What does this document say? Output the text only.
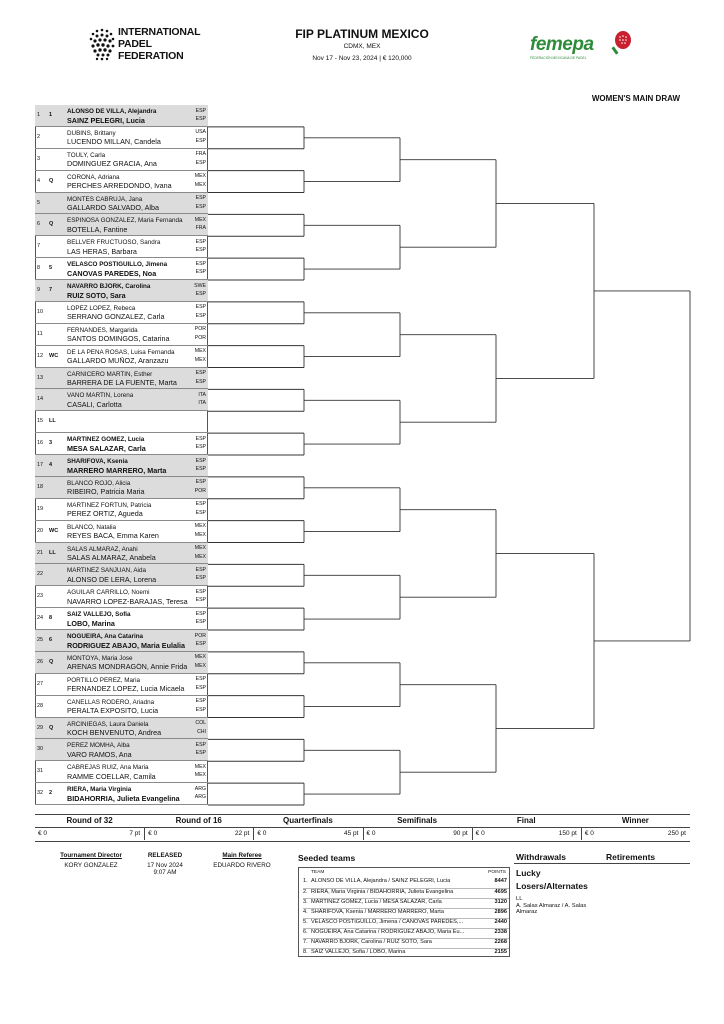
INTERNATIONAL
PADEL
FEDERATION
FIP PLATINUM MEXICO
CDMX, MEX
Nov 17 - Nov 23, 2024 | € 120,000
femepa
FEDERACIÓN MEXICANA DE PADEL
WOMEN'S MAIN DRAW
1	1	ALONSO DE VILLA, Alejandra	ESP
SAINZ PELEGRI, Lucia	ESP
2	DUBINS, Brittany	USA
LUCENDO MILLAN, Candela	ESP
3	TOULY, Carla	FRA
DOMINGUEZ GRACIA, Ana	ESP
4	Q	CORONA, Adriana	MEX
PERCHES ARREDONDO, Ivana	MEX
5	MONTES CABRUJA, Jana	ESP
GALLARDO SALVADO, Alba	ESP
6	Q	ESPINOSA GONZALEZ, Maria Fernanda	MEX
BOTELLA, Fantine	FRA
7	BELLVER FRUCTUOSO, Sandra	ESP
LAS HERAS, Barbara	ESP
8	5	VELASCO POSTIGUILLO, Jimena	ESP
CANOVAS PAREDES, Noa	ESP
9	7	NAVARRO BJÖRK, Carolina	SWE
RUIZ SOTO, Sara	ESP
10	LOPEZ LOPEZ, Rebeca	ESP
SERRANO GONZALEZ, Carla	ESP
11	FERNANDES, Margarida	POR
SANTOS DOMINGOS, Catarina	POR
12	WC	DE LA PEÑA ROSAS, Luisa Fernanda	MEX
GALLARDO MUÑOZ, Aranzazu	MEX
13	CARNICERO MARTIN, Esther	ESP
BARRERA DE LA FUENTE, Marta	ESP
14	VANO MARTIN, Lorena	ITA
CASALI, Carlotta	ITA
15	LL
16	3	MARTINEZ GOMEZ, Lucia	ESP
MESA SALAZAR, Carla	ESP
17	4	SHARIFOVA, Ksenia	ESP
MARRERO MARRERO, Marta	ESP
18	BLANCO ROJO, Alicia	ESP
RIBEIRO, Patricia Maria	POR
19	MARTINEZ FORTUN, Patricia	ESP
PEREZ ORTIZ, Agueda	ESP
20	WC	BLANCO, Natalia	MEX
REYES BACA, Emma Karen	MEX
21	LL	SALAS ALMARAZ, Anahi	MEX
SALAS ALMARAZ, Anabela	MEX
22	MARTINEZ SANJUAN, Aida	ESP
ALONSO DE LERA, Lorena	ESP
23	AGUILAR CARRILLO, Noemi	ESP
NAVARRO LOPEZ-BARAJAS, Teresa	ESP
24	8	SAIZ VALLEJO, Sofia	ESP
LOBO, Marina	ESP
25	6	NOGUEIRA, Ana Catarina	POR
RODRIGUEZ ABAJO, Maria Eulalia	ESP
26	Q	MONTOYA, Maria Jose	MEX
ARENAS MONDRAGÓN, Annie Frida	MEX
27	PORTILLO PEREZ, Maria	ESP
FERNANDEZ LOPEZ, Lucia Micaela	ESP
28	CAÑELLAS RODERO, Ariadna	ESP
PERALTA EXPOSITO, Lucia	ESP
29	Q	ARCINIEGAS, Laura Daniela	COL
KOCH BENVENUTO, Andrea	CHI
30	PEREZ MOMHA, Alba	ESP
VARO RAMOS, Ana	ESP
31	CABREJAS RUIZ, Ana Maria	MEX
RAMME COELLAR, Camila	MEX
32	2	RIERA, Maria Virginia	ARG
BIDAHORRIA, Julieta Evangelina	ARG
Round of 32
€ 0	7 pt
Round of 16
€ 0	22 pt
Quarterfinals
€ 0	45 pt
Semifinals
€ 0	90 pt
Final
€ 0	150 pt
Winner
€ 0	250 pt
Tournament Director
KORY GONZALEZ
RELEASED
17 Nov 2024
9:07 AM
Main Referee
EDUARDO RIVERO
Seeded teams
TEAM	POINTS
1. ALONSO DE VILLA, Alejandra / SAINZ PELEGRI, Lucia	8447
2. RIERA, Maria Virginia / BIDAHORRIA, Julieta Evangelina	4695
3. MARTINEZ GOMEZ, Lucia / MESA SALAZAR, Carla	3120
4. SHARIFOVA, Ksenia / MARRERO MARRERO, Marta	2896
5. VELASCO POSTIGUILLO, Jimena / CANOVAS PAREDES,...	2440
6. NOGUEIRA, Ana Catarina / RODRIGUEZ ABAJO, Maria Eu...	2338
7. NAVARRO BJÖRK, Carolina / RUIZ SOTO, Sara	2268
8. SAIZ VALLEJO, Sofia / LOBO, Marina	2155
Withdrawals	Retirements
Lucky
Losers/Alternates
LL
A. Salas Almaraz / A. Salas Almaraz
